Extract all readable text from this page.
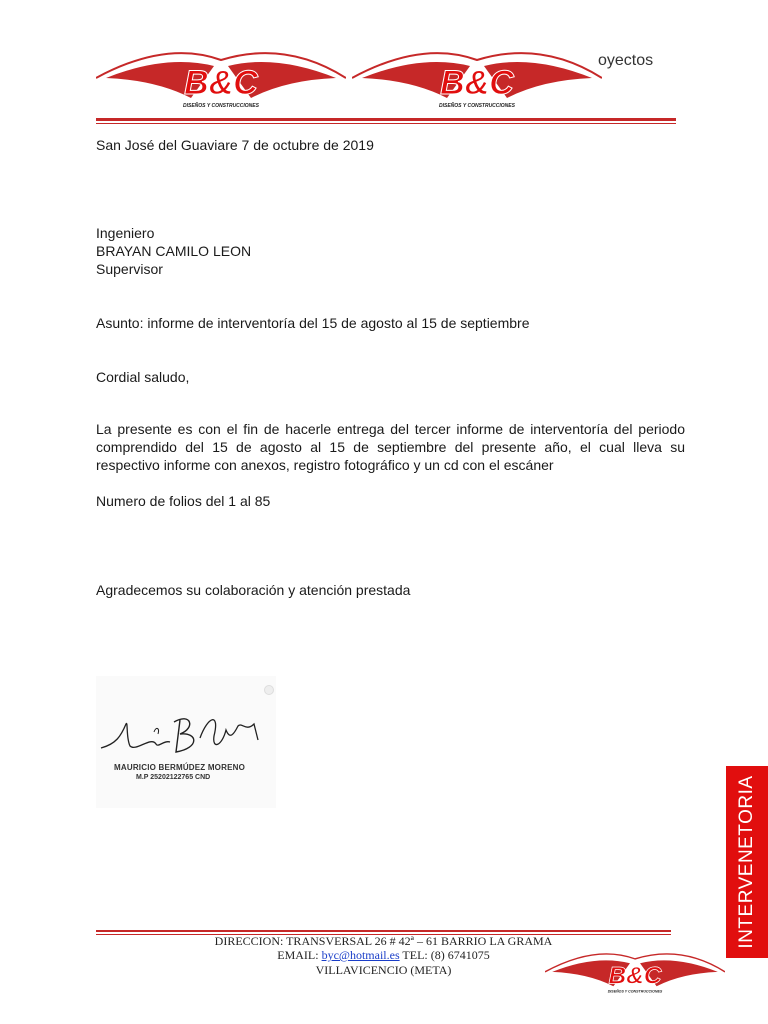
B&C
DISEÑOS Y CONSTRUCCIONES
B&C
DISEÑOS Y CONSTRUCCIONES
oyectos
San José del Guaviare 7 de octubre de 2019
Ingeniero
BRAYAN CAMILO LEON
Supervisor
Asunto: informe de interventoría del 15 de agosto al 15 de septiembre
Cordial saludo,
La presente es con el fin de hacerle entrega del tercer informe de interventoría del periodo comprendido del 15 de agosto al 15 de septiembre del presente año, el cual lleva su respectivo informe con anexos, registro fotográfico y un cd con el escáner
Numero de folios del 1 al 85
Agradecemos su colaboración y atención prestada
MAURICIO BERMÚDEZ MORENO
M.P 25202122765 CND	INTERVENETORIA
DIRECCION: TRANSVERSAL 26 # 42ª – 61 BARRIO LA GRAMA
EMAIL: byc@hotmail.es TEL: (8) 6741075
VILLAVICENCIO (META)	B&C
DISEÑOS Y CONSTRUCCIONES
